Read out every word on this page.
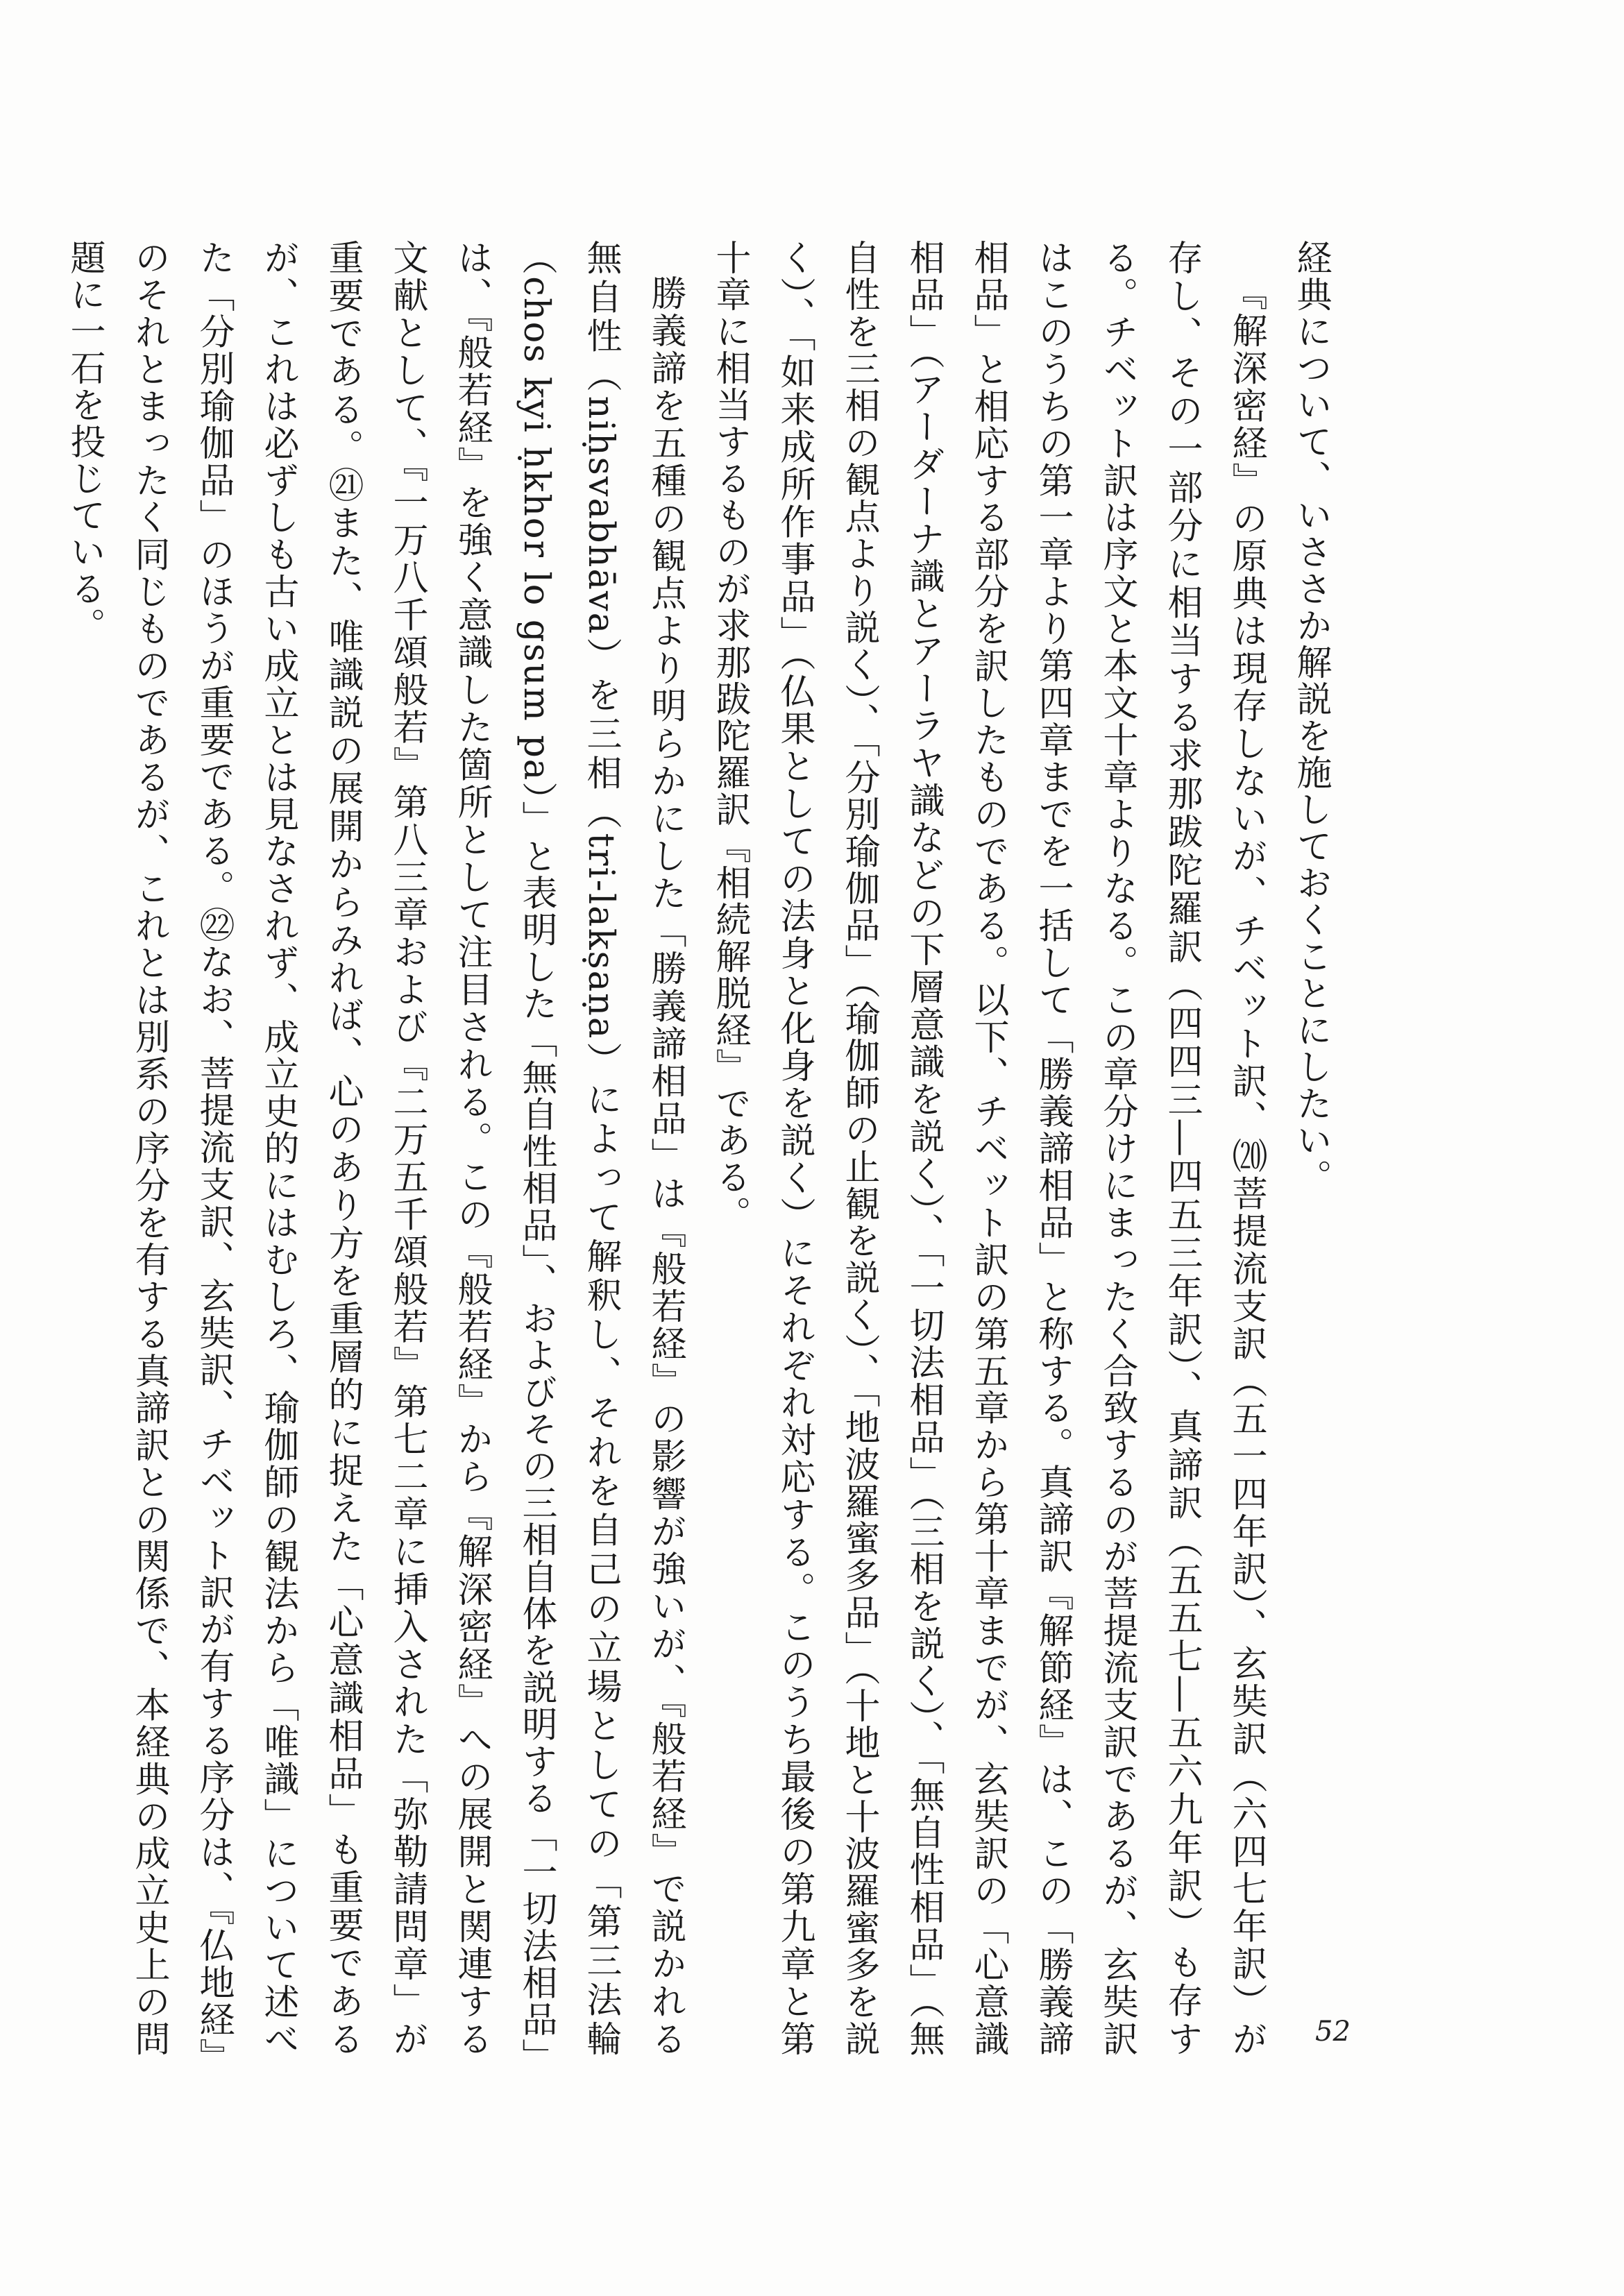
経典について、いささか解説を施しておくことにしたい。

『解深密経』の原典は現存しないが、チベット訳、⒇菩提流支訳（五一四年訳）、玄奘訳（六四七年訳）が存し、その一部分に相当する求那跋陀羅訳（四四三―四五三年訳）、真諦訳（五五七―五六九年訳）も存する。チベット訳は序文と本文十章よりなる。この章分けにまったく合致するのが菩提流支訳であるが、玄奘訳はこのうちの第一章より第四章までを一括して「勝義諦相品」と称する。真諦訳『解節経』は、この「勝義諦相品」と相応する部分を訳したものである。以下、チベット訳の第五章から第十章までが、玄奘訳の「心意識相品」（アーダーナ識とアーラヤ識などの下層意識を説く）、「一切法相品」（三相を説く）、「無自性相品」（無自性を三相の観点より説く）、「分別瑜伽品」（瑜伽師の止観を説く）、「地波羅蜜多品」（十地と十波羅蜜多を説く）、「如来成所作事品」（仏果としての法身と化身を説く）にそれぞれ対応する。このうち最後の第九章と第十章に相当するものが求那跋陀羅訳『相続解脱経』である。

勝義諦を五種の観点より明らかにした「勝義諦相品」は『般若経』の影響が強いが、『般若経』で説かれる無自性（niḥsvabhāva）を三相（tri-lakṣaṇa）によって解釈し、それを自己の立場としての「第三法輪（chos kyi ḥkhor lo gsum pa）」と表明した「無自性相品」、およびその三相自体を説明する「一切法相品」は、『般若経』を強く意識した箇所として注目される。この『般若経』から『解深密経』への展開と関連する文献として、『一万八千頌般若』第八三章および『二万五千頌般若』第七二章に挿入された「弥勒請問章」が重要である。㉑また、唯識説の展開からみれば、心のあり方を重層的に捉えた「心意識相品」も重要であるが、これは必ずしも古い成立とは見なされず、成立史的にはむしろ、瑜伽師の観法から「唯識」について述べた「分別瑜伽品」のほうが重要である。㉒なお、菩提流支訳、玄奘訳、チベット訳が有する序分は、『仏地経』のそれとまったく同じものであるが、これとは別系の序分を有する真諦訳との関係で、本経典の成立史上の問題に一石を投じている。

52
